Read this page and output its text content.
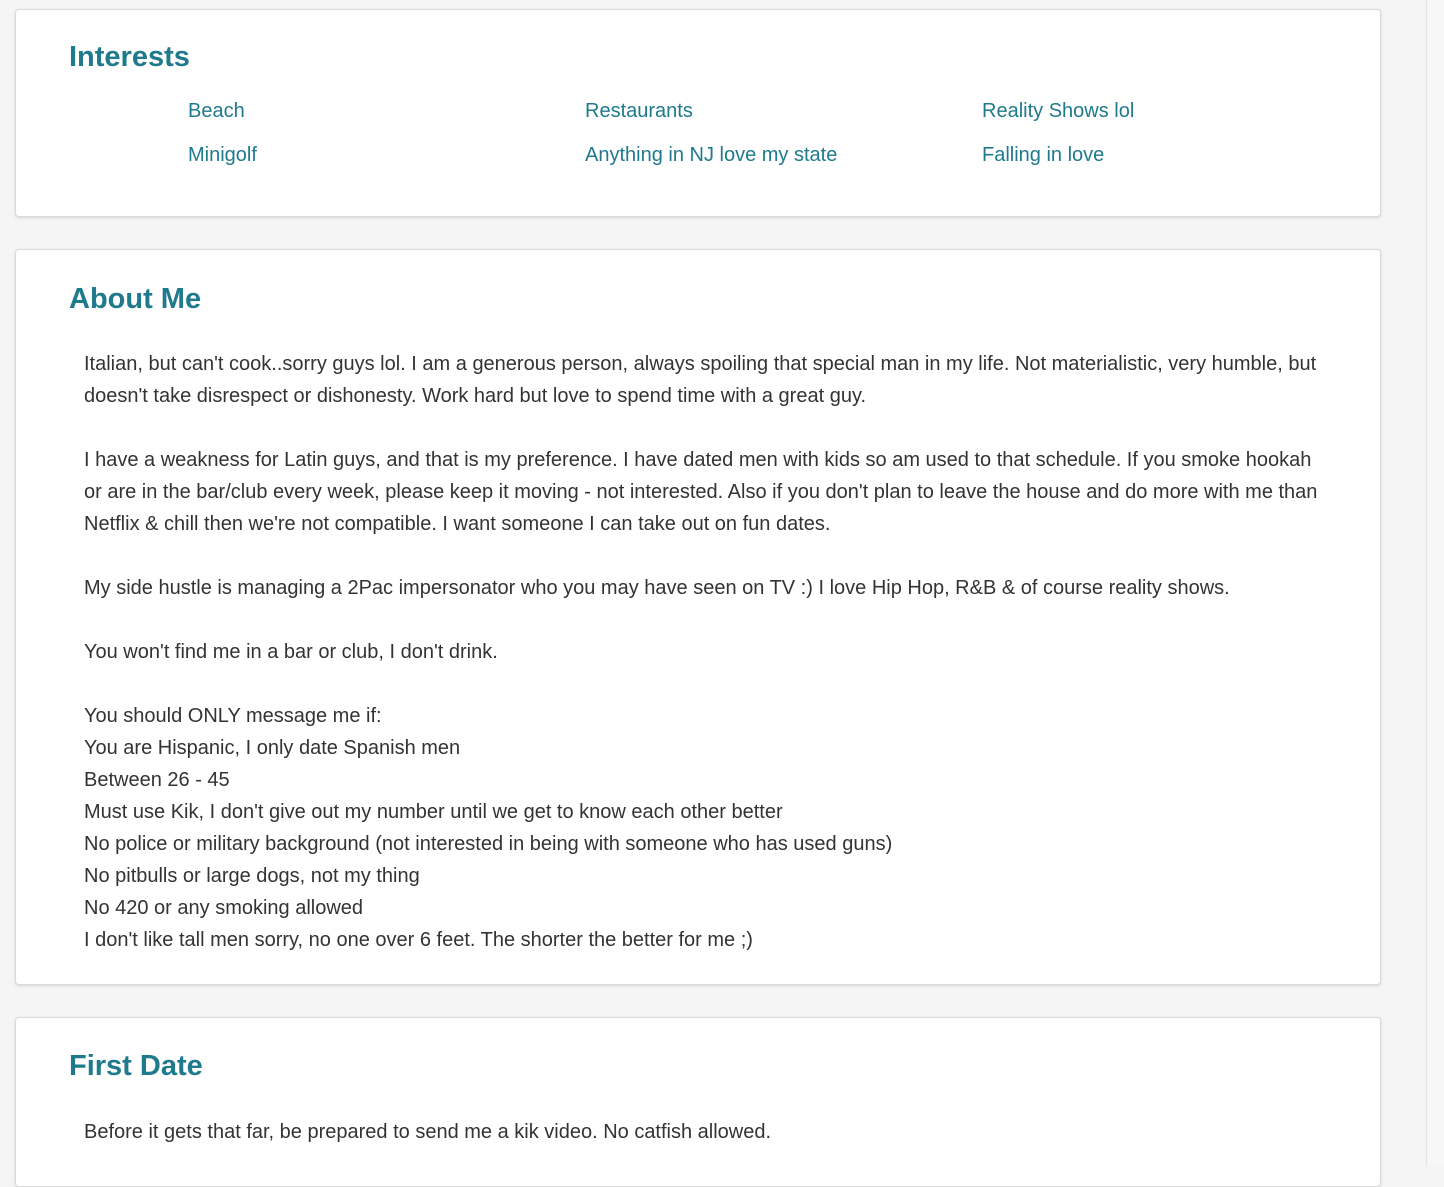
Interests
Beach	Restaurants	Reality Shows lol
Minigolf	Anything in NJ love my state	Falling in love
About Me

Italian, but can't cook..sorry guys lol. I am a generous person, always spoiling that special man in my life. Not materialistic, very humble, but doesn't take disrespect or dishonesty. Work hard but love to spend time with a great guy.

I have a weakness for Latin guys, and that is my preference. I have dated men with kids so am used to that schedule. If you smoke hookah or are in the bar/club every week, please keep it moving - not interested. Also if you don't plan to leave the house and do more with me than Netflix & chill then we're not compatible. I want someone I can take out on fun dates.

My side hustle is managing a 2Pac impersonator who you may have seen on TV :) I love Hip Hop, R&B & of course reality shows.

You won't find me in a bar or club, I don't drink.

You should ONLY message me if:
You are Hispanic, I only date Spanish men
Between 26 - 45
Must use Kik, I don't give out my number until we get to know each other better
No police or military background (not interested in being with someone who has used guns)
No pitbulls or large dogs, not my thing
No 420 or any smoking allowed
I don't like tall men sorry, no one over 6 feet. The shorter the better for me ;)
First Date

Before it gets that far, be prepared to send me a kik video. No catfish allowed.
